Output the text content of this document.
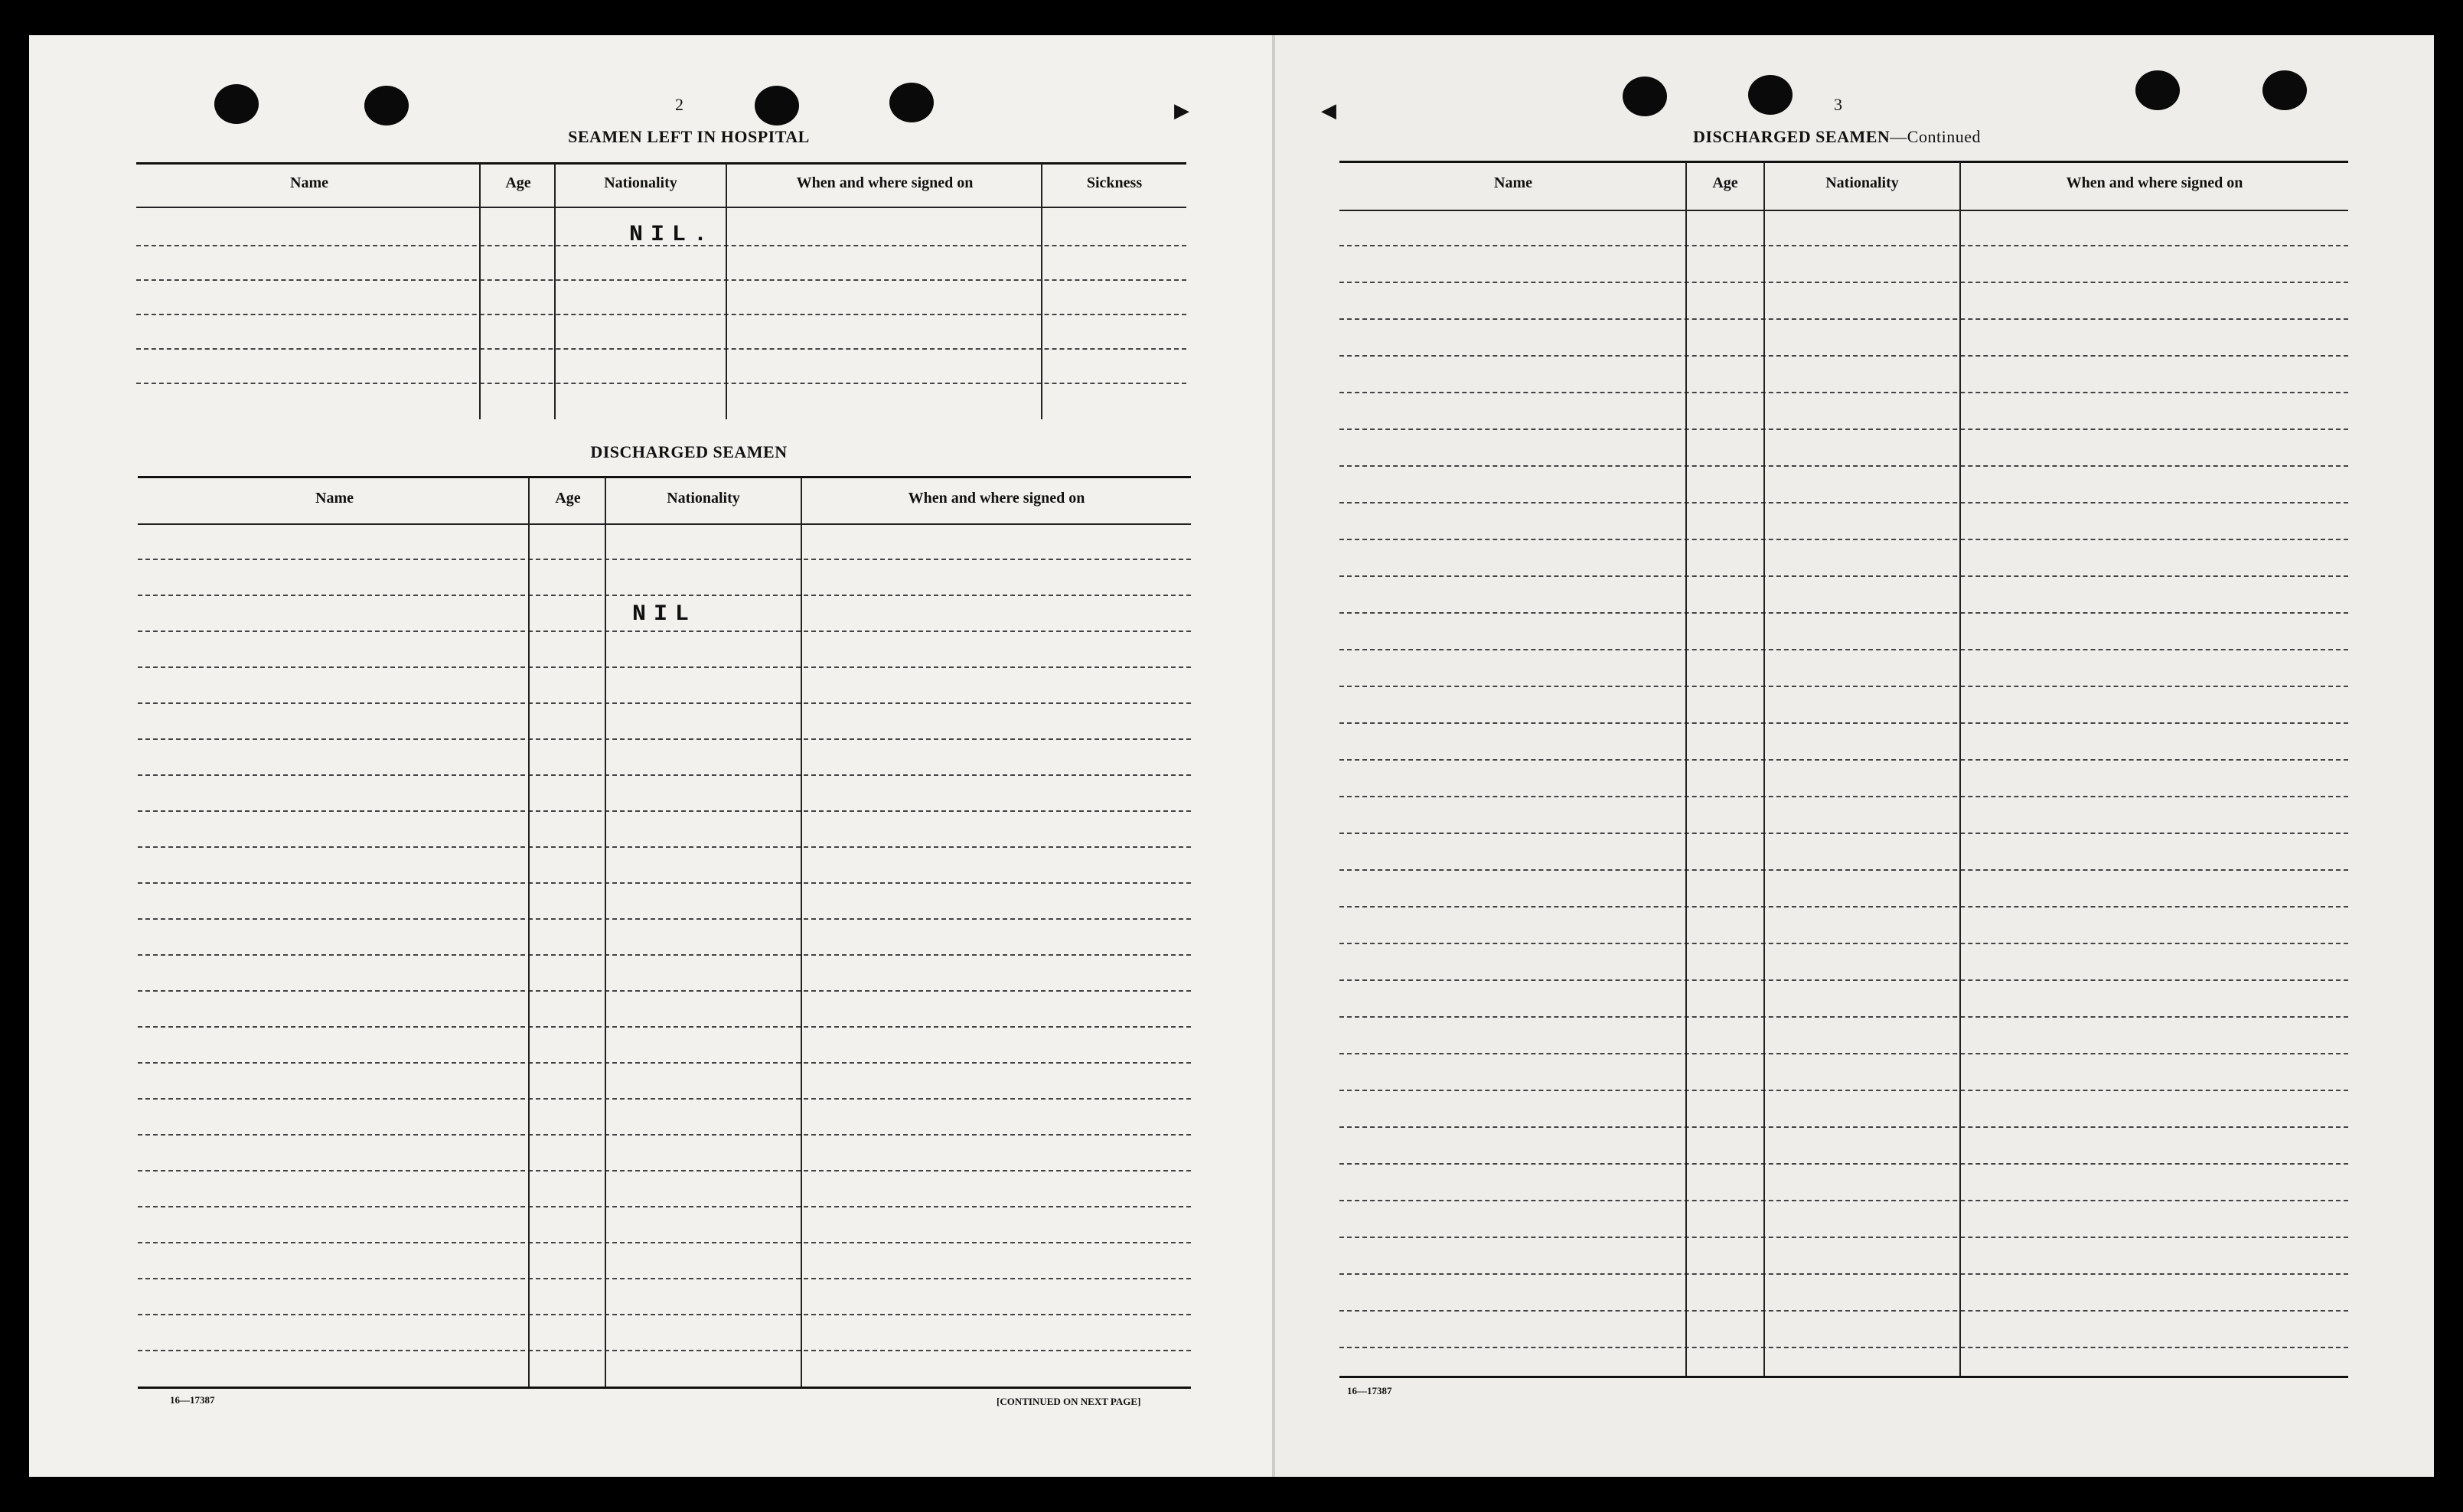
▶	◀
2
SEAMEN LEFT IN HOSPITAL
Name	Age	Nationality	When and where signed on	Sickness
NIL.
DISCHARGED SEAMEN
Name	Age	Nationality	When and where signed on
NIL
16—17387	[CONTINUED ON NEXT PAGE]
3
DISCHARGED SEAMEN—Continued
Name	Age	Nationality	When and where signed on
16—17387
